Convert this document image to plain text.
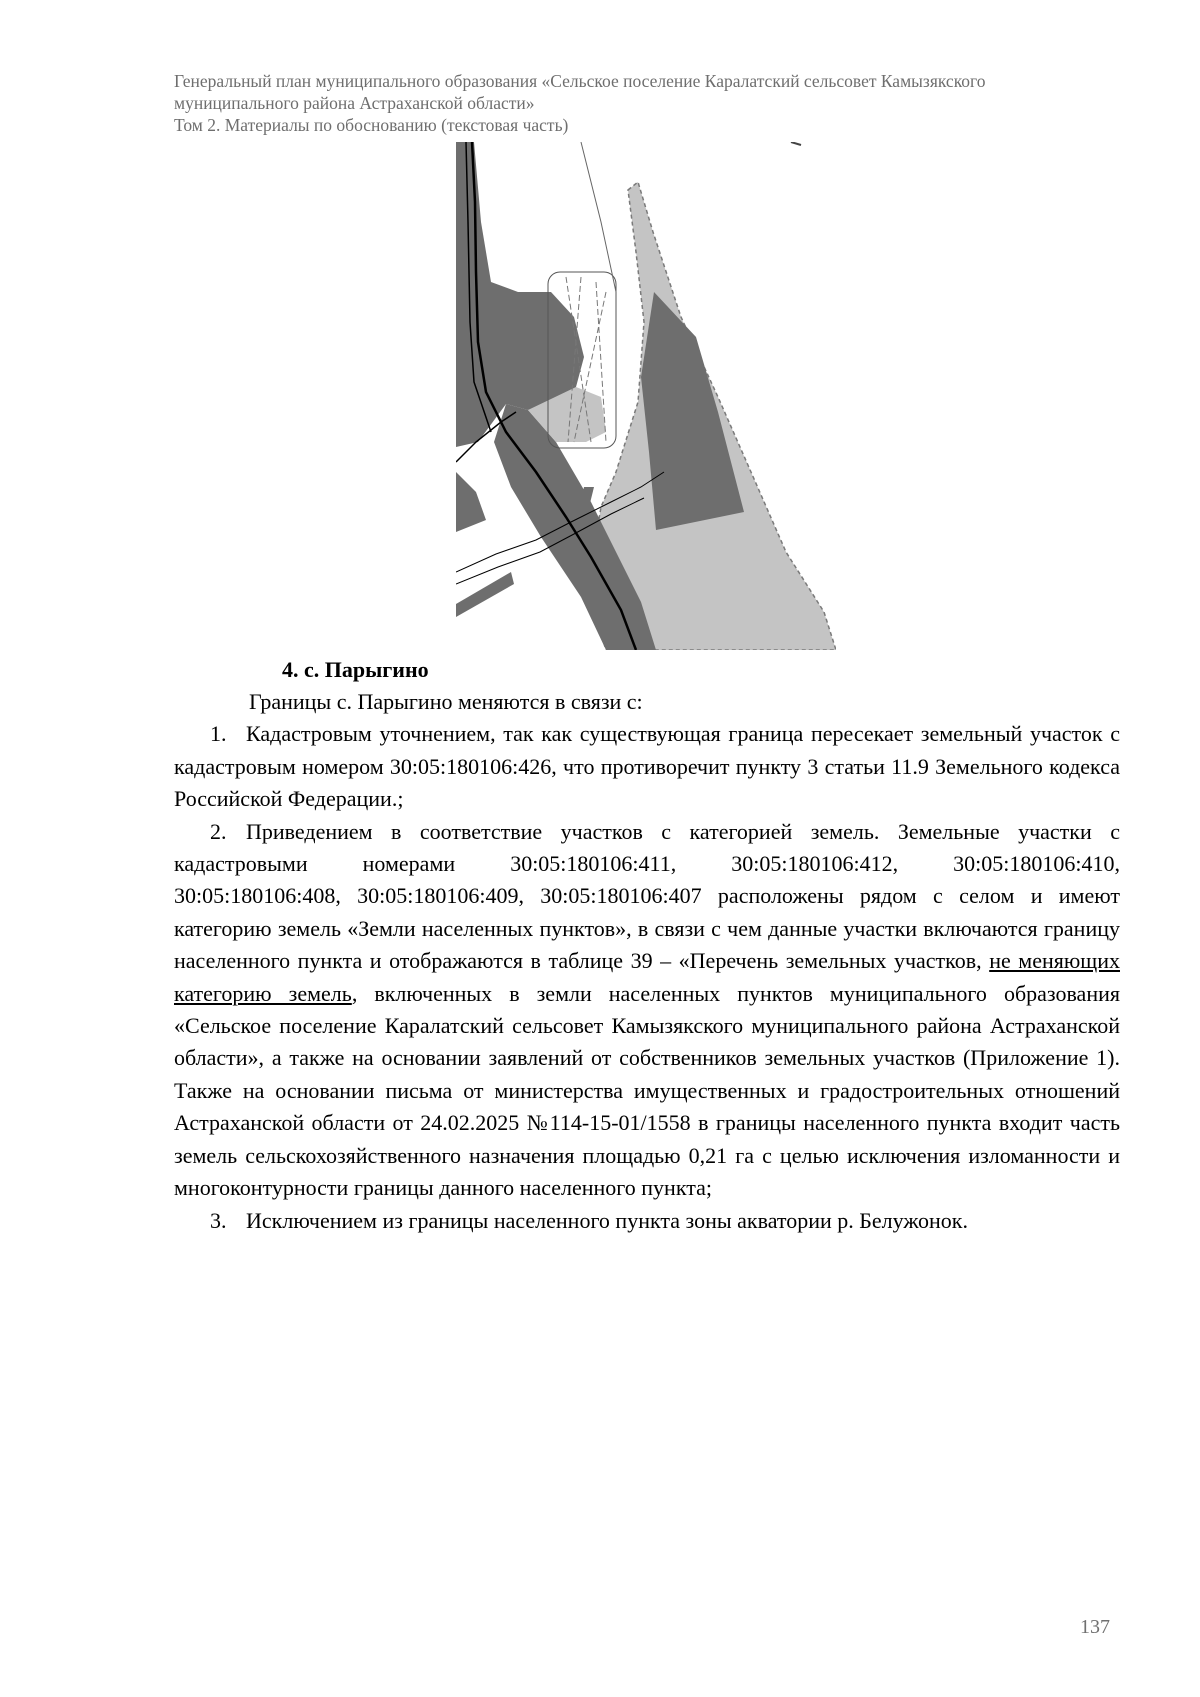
Генеральный план муниципального образования «Сельское поселение Каралатский сельсовет Камызякского
муниципального района Астраханской области»
Том 2. Материалы по обоснованию (текстовая часть)
4. с. Парыгино

Границы с. Парыгино меняются в связи с:

1. Кадастровым уточнением, так как существующая граница пересекает земельный участок с кадастровым номером 30:05:180106:426, что противоречит пункту 3 статьи 11.9 Земельного кодекса Российской Федерации.;

2. Приведением в соответствие участков с категорией земель. Земельные участки с

кадастровыми номерами 30:05:180106:411, 30:05:180106:412, 30:05:180106:410,

30:05:180106:408, 30:05:180106:409, 30:05:180106:407 расположены рядом с селом и имеют категорию земель «Земли населенных пунктов», в связи с чем данные участки включаются границу населенного пункта и отображаются в таблице 39 – «Перечень земельных участков, не меняющих категорию земель, включенных в земли населенных пунктов муниципального образования «Сельское поселение Каралатский сельсовет Камызякского муниципального района Астраханской области», а также на основании заявлений от собственников земельных участков (Приложение 1). Также на основании письма от министерства имущественных и градостроительных отношений Астраханской области от 24.02.2025 №114-15-01/1558 в границы населенного пункта входит часть земель сельскохозяйственного назначения площадью 0,21 га с целью исключения изломанности и многоконтурности границы данного населенного пункта;

3. Исключением из границы населенного пункта зоны акватории р. Белужонок.

137
